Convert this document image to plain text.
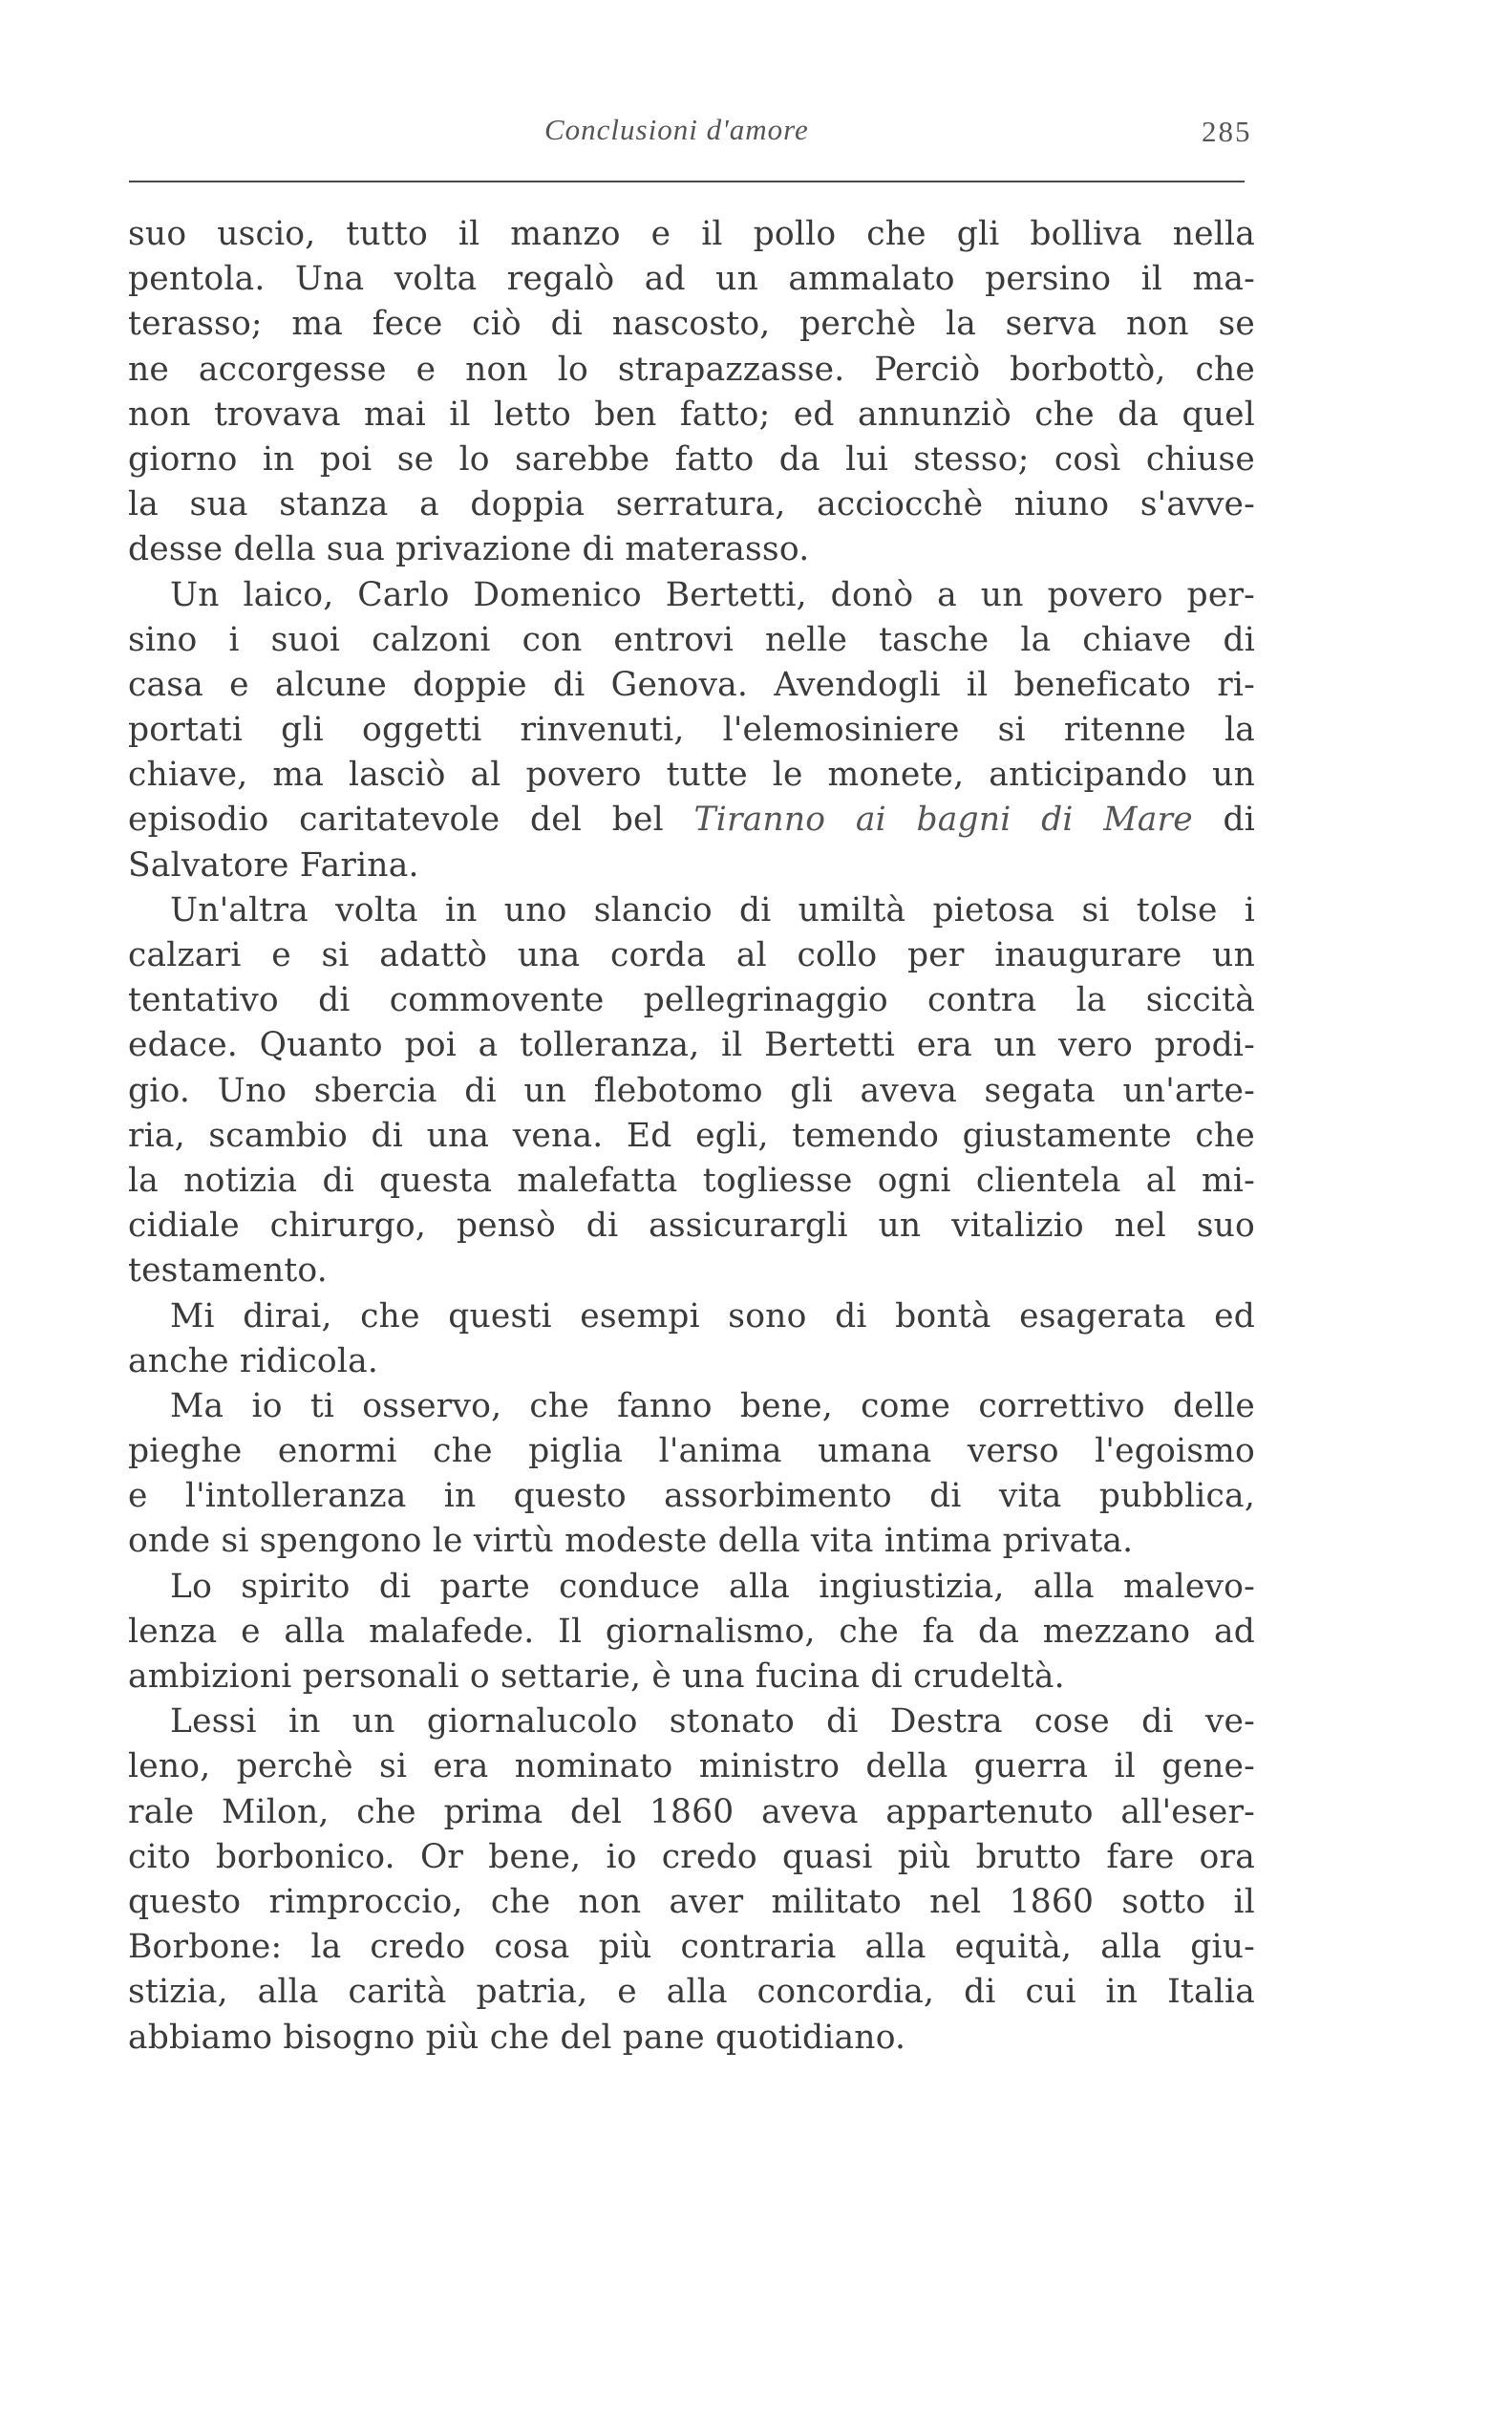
Conclusioni d'amore	285
suo uscio, tutto il manzo e il pollo che gli bolliva nella
pentola. Una volta regalò ad un ammalato persino il ma-
terasso; ma fece ciò di nascosto, perchè la serva non se
ne accorgesse e non lo strapazzasse. Perciò borbottò, che
non trovava mai il letto ben fatto; ed annunziò che da quel
giorno in poi se lo sarebbe fatto da lui stesso; così chiuse
la sua stanza a doppia serratura, acciocchè niuno s'avve-
desse della sua privazione di materasso.
Un laico, Carlo Domenico Bertetti, donò a un povero per-
sino i suoi calzoni con entrovi nelle tasche la chiave di
casa e alcune doppie di Genova. Avendogli il beneficato ri-
portati gli oggetti rinvenuti, l'elemosiniere si ritenne la
chiave, ma lasciò al povero tutte le monete, anticipando un
episodio caritatevole del bel Tiranno ai bagni di Mare di
Salvatore Farina.
Un'altra volta in uno slancio di umiltà pietosa si tolse i
calzari e si adattò una corda al collo per inaugurare un
tentativo di commovente pellegrinaggio contra la siccità
edace. Quanto poi a tolleranza, il Bertetti era un vero prodi-
gio. Uno sbercia di un flebotomo gli aveva segata un'arte-
ria, scambio di una vena. Ed egli, temendo giustamente che
la notizia di questa malefatta togliesse ogni clientela al mi-
cidiale chirurgo, pensò di assicurargli un vitalizio nel suo
testamento.
Mi dirai, che questi esempi sono di bontà esagerata ed
anche ridicola.
Ma io ti osservo, che fanno bene, come correttivo delle
pieghe enormi che piglia l'anima umana verso l'egoismo
e l'intolleranza in questo assorbimento di vita pubblica,
onde si spengono le virtù modeste della vita intima privata.
Lo spirito di parte conduce alla ingiustizia, alla malevo-
lenza e alla malafede. Il giornalismo, che fa da mezzano ad
ambizioni personali o settarie, è una fucina di crudeltà.
Lessi in un giornalucolo stonato di Destra cose di ve-
leno, perchè si era nominato ministro della guerra il gene-
rale Milon, che prima del 1860 aveva appartenuto all'eser-
cito borbonico. Or bene, io credo quasi più brutto fare ora
questo rimproccio, che non aver militato nel 1860 sotto il
Borbone: la credo cosa più contraria alla equità, alla giu-
stizia, alla carità patria, e alla concordia, di cui in Italia
abbiamo bisogno più che del pane quotidiano.
